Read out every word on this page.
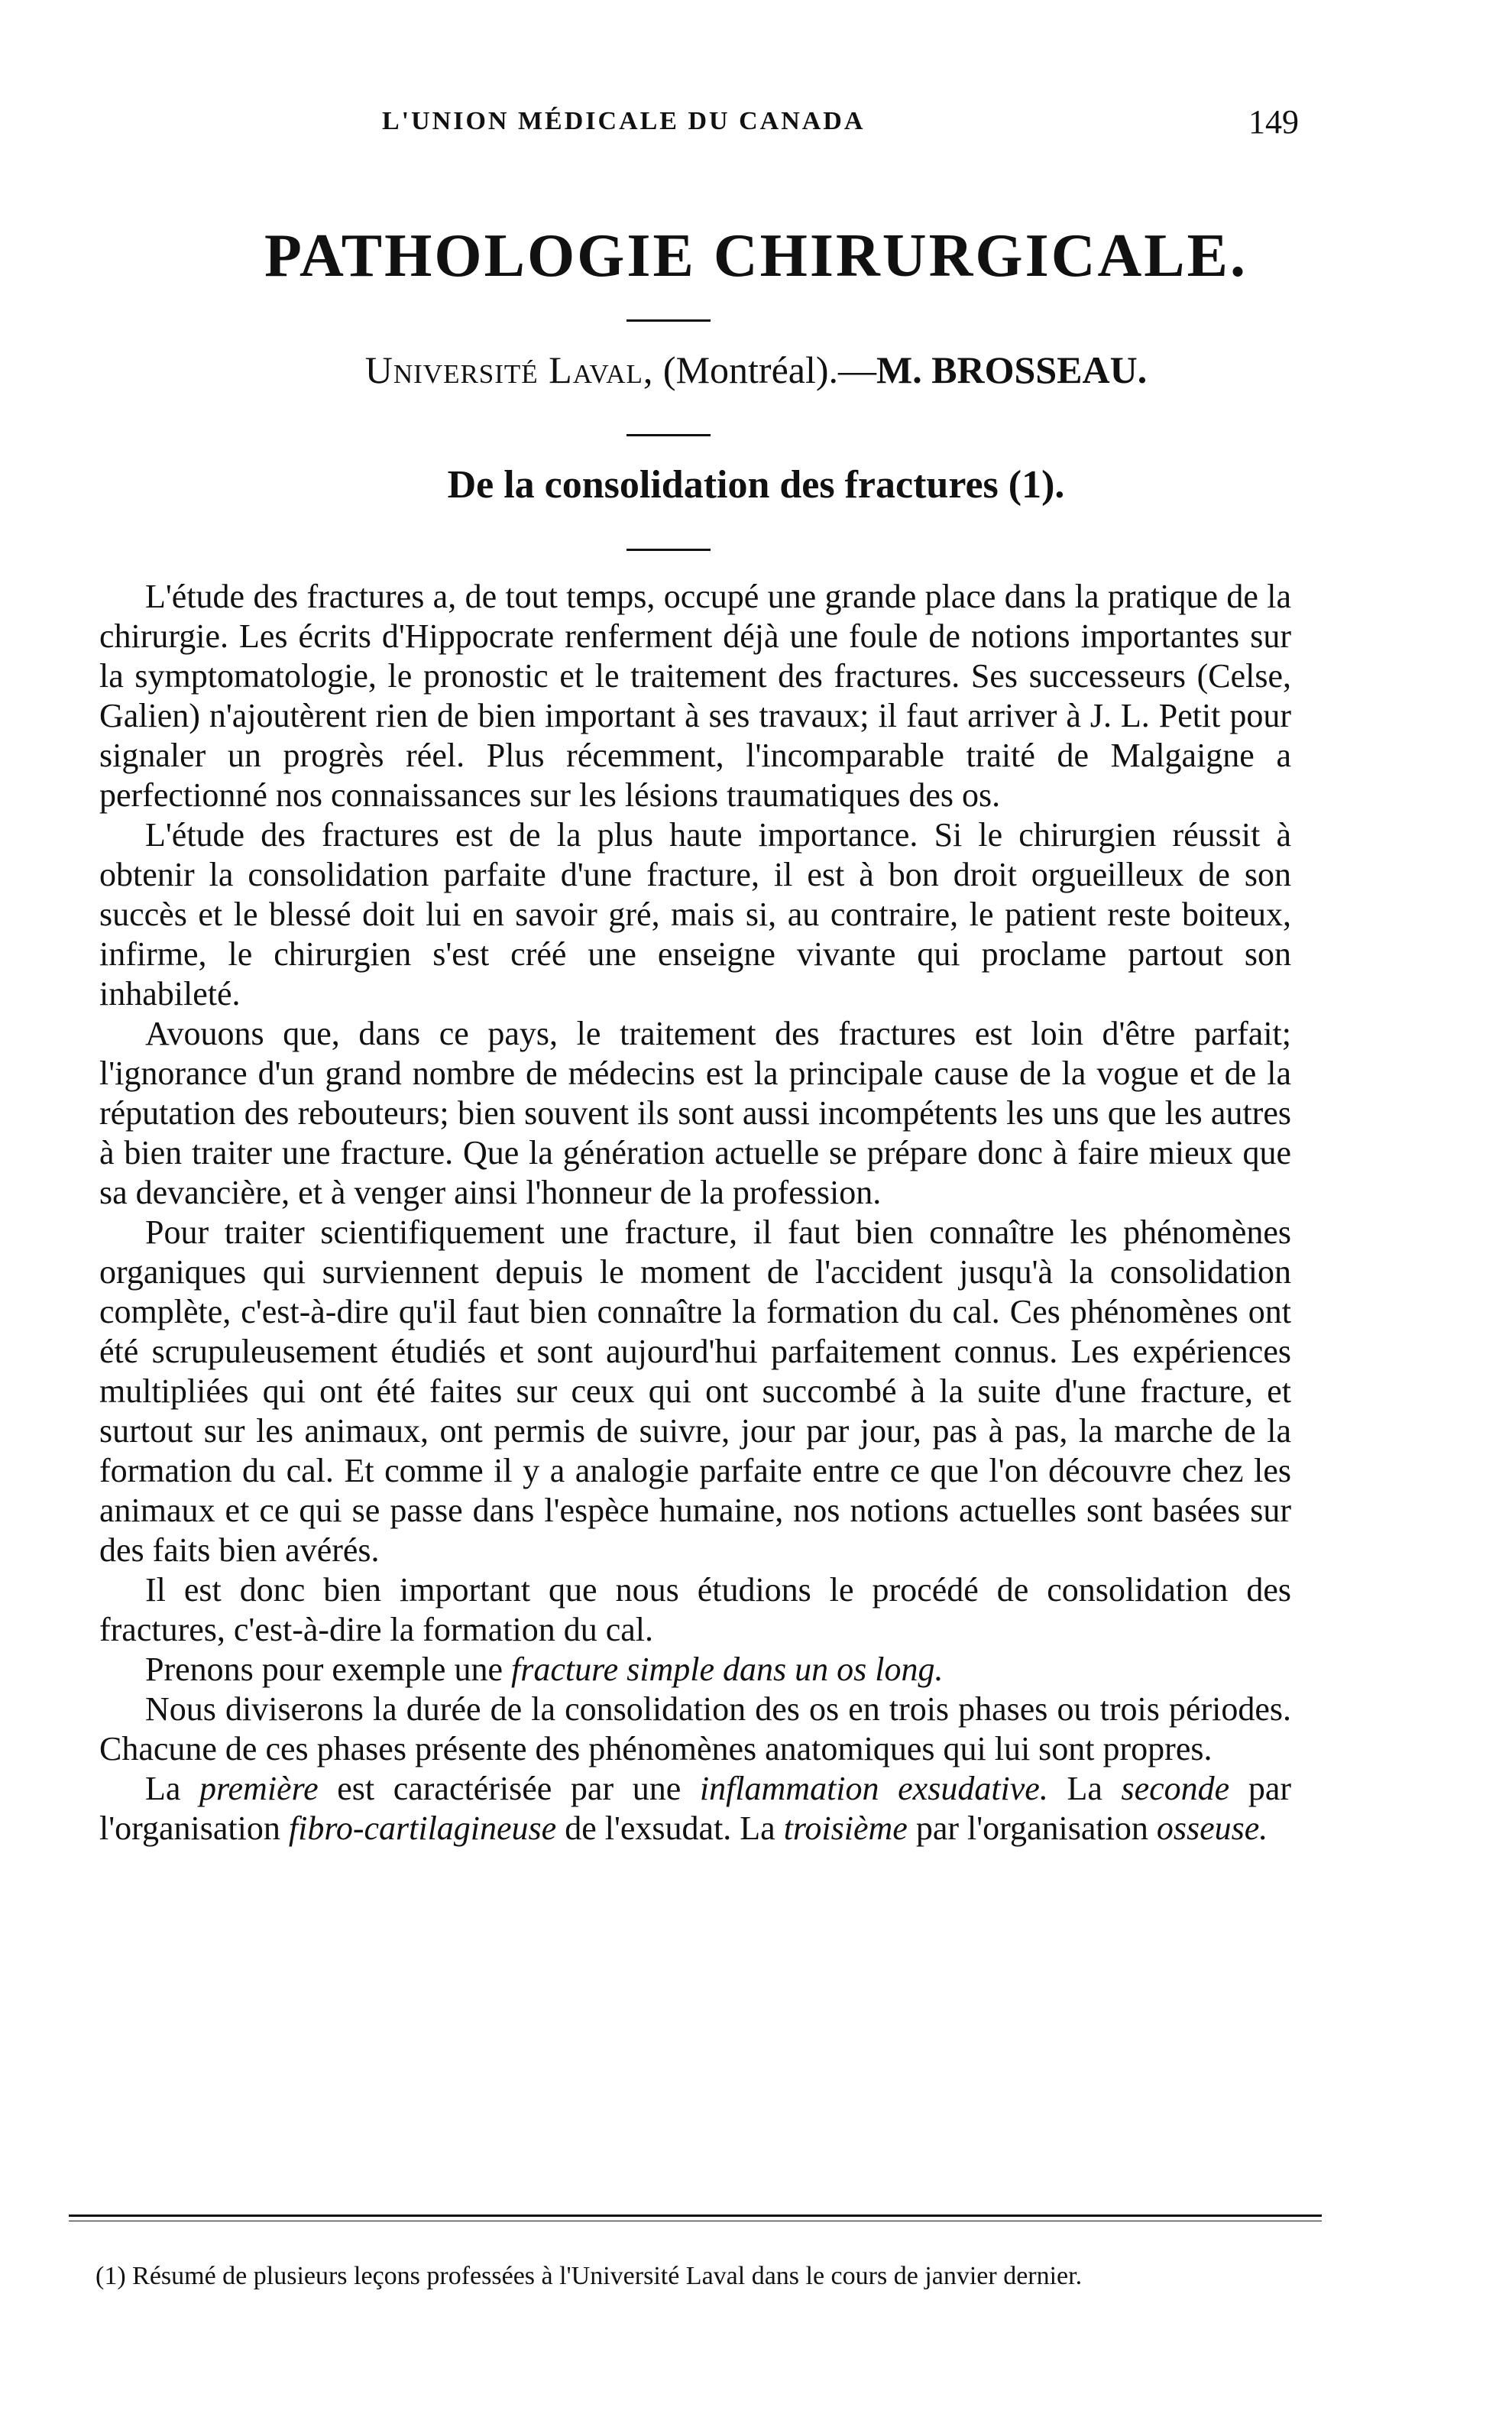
L'UNION MÉDICALE DU CANADA	149
PATHOLOGIE CHIRURGICALE.
Université Laval, (Montréal).—M. BROSSEAU.
De la consolidation des fractures (1).

L'étude des fractures a, de tout temps, occupé une grande place dans la pratique de la chirurgie. Les écrits d'Hippocrate renferment déjà une foule de notions importantes sur la symptomatologie, le pronostic et le traitement des fractures. Ses successeurs (Celse, Galien) n'ajoutèrent rien de bien important à ses travaux; il faut arriver à J. L. Petit pour signaler un progrès réel. Plus récemment, l'incomparable traité de Malgaigne a perfectionné nos connaissances sur les lésions traumatiques des os.

L'étude des fractures est de la plus haute importance. Si le chirurgien réussit à obtenir la consolidation parfaite d'une fracture, il est à bon droit orgueilleux de son succès et le blessé doit lui en savoir gré, mais si, au contraire, le patient reste boiteux, infirme, le chirurgien s'est créé une enseigne vivante qui proclame partout son inhabileté.

Avouons que, dans ce pays, le traitement des fractures est loin d'être parfait; l'ignorance d'un grand nombre de médecins est la principale cause de la vogue et de la réputation des rebouteurs; bien souvent ils sont aussi incompétents les uns que les autres à bien traiter une fracture. Que la génération actuelle se prépare donc à faire mieux que sa devancière, et à venger ainsi l'honneur de la profession.

Pour traiter scientifiquement une fracture, il faut bien connaître les phénomènes organiques qui surviennent depuis le moment de l'accident jusqu'à la consolidation complète, c'est-à-dire qu'il faut bien connaître la formation du cal. Ces phénomènes ont été scrupuleusement étudiés et sont aujourd'hui parfaitement connus. Les expériences multipliées qui ont été faites sur ceux qui ont succombé à la suite d'une fracture, et surtout sur les animaux, ont permis de suivre, jour par jour, pas à pas, la marche de la formation du cal. Et comme il y a analogie parfaite entre ce que l'on découvre chez les animaux et ce qui se passe dans l'espèce humaine, nos notions actuelles sont basées sur des faits bien avérés.

Il est donc bien important que nous étudions le procédé de consolidation des fractures, c'est-à-dire la formation du cal.

Prenons pour exemple une fracture simple dans un os long.

Nous diviserons la durée de la consolidation des os en trois phases ou trois périodes. Chacune de ces phases présente des phénomènes anatomiques qui lui sont propres.

La première est caractérisée par une inflammation exsudative. La seconde par l'organisation fibro-cartilagineuse de l'exsudat. La troisième par l'organisation osseuse.

(1) Résumé de plusieurs leçons professées à l'Université Laval dans le cours de janvier dernier.
